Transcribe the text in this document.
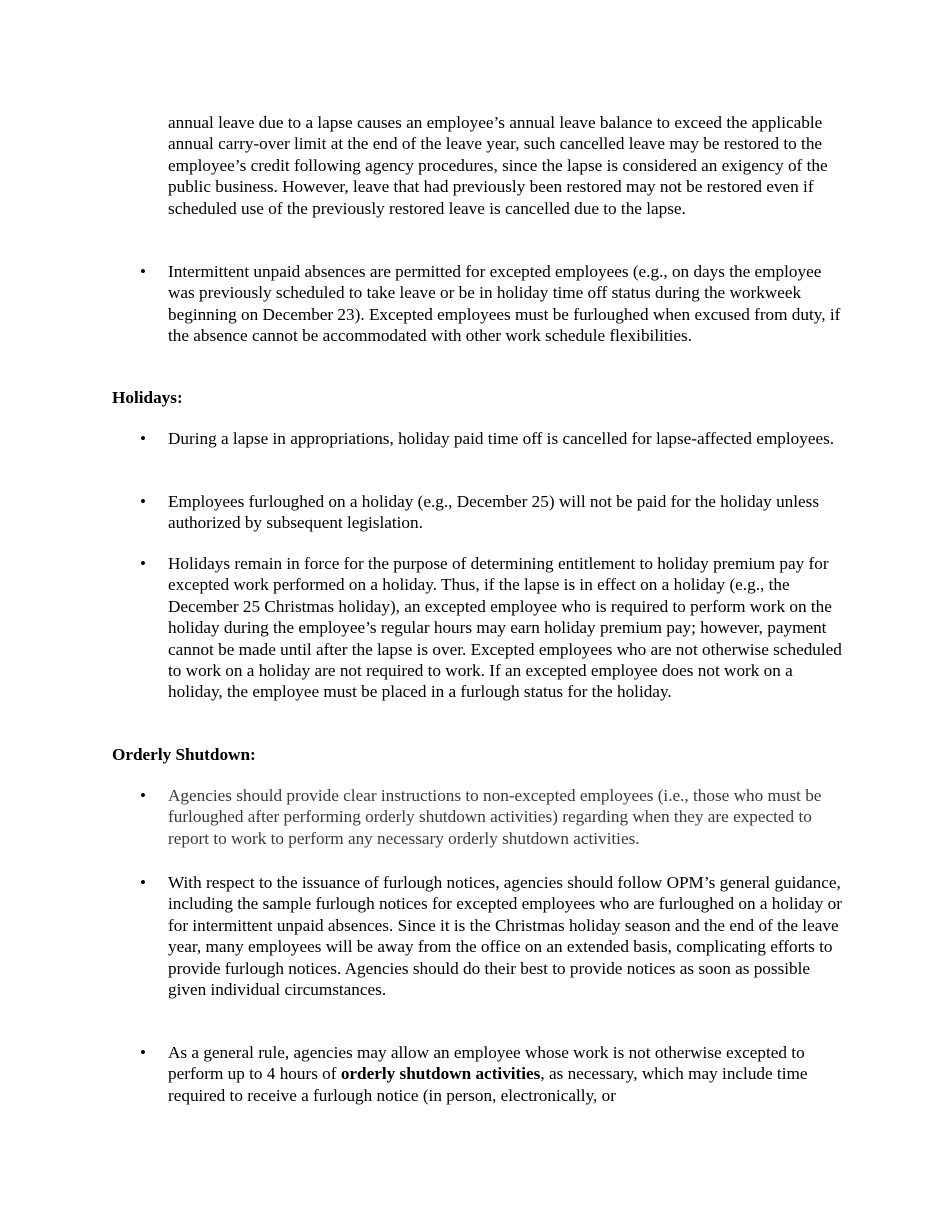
annual leave due to a lapse causes an employee’s annual leave balance to exceed the applicable annual carry-over limit at the end of the leave year, such cancelled leave may be restored to the employee’s credit following agency procedures, since the lapse is considered an exigency of the public business. However, leave that had previously been restored may not be restored even if scheduled use of the previously restored leave is cancelled due to the lapse.
•	Intermittent unpaid absences are permitted for excepted employees (e.g., on days the employee was previously scheduled to take leave or be in holiday time off status during the workweek beginning on December 23). Excepted employees must be furloughed when excused from duty, if the absence cannot be accommodated with other work schedule flexibilities.
Holidays:
•	During a lapse in appropriations, holiday paid time off is cancelled for lapse-affected employees.
•	Employees furloughed on a holiday (e.g., December 25) will not be paid for the holiday unless authorized by subsequent legislation.
•	Holidays remain in force for the purpose of determining entitlement to holiday premium pay for excepted work performed on a holiday. Thus, if the lapse is in effect on a holiday (e.g., the December 25 Christmas holiday), an excepted employee who is required to perform work on the holiday during the employee’s regular hours may earn holiday premium pay; however, payment cannot be made until after the lapse is over. Excepted employees who are not otherwise scheduled to work on a holiday are not required to work. If an excepted employee does not work on a holiday, the employee must be placed in a furlough status for the holiday.
Orderly Shutdown:
•	Agencies should provide clear instructions to non-excepted employees (i.e., those who must be furloughed after performing orderly shutdown activities) regarding when they are expected to report to work to perform any necessary orderly shutdown activities.
•	With respect to the issuance of furlough notices, agencies should follow OPM’s general guidance, including the sample furlough notices for excepted employees who are furloughed on a holiday or for intermittent unpaid absences. Since it is the Christmas holiday season and the end of the leave year, many employees will be away from the office on an extended basis, complicating efforts to provide furlough notices. Agencies should do their best to provide notices as soon as possible given individual circumstances.
•	As a general rule, agencies may allow an employee whose work is not otherwise excepted to perform up to 4 hours of orderly shutdown activities, as necessary, which may include time required to receive a furlough notice (in person, electronically, or
